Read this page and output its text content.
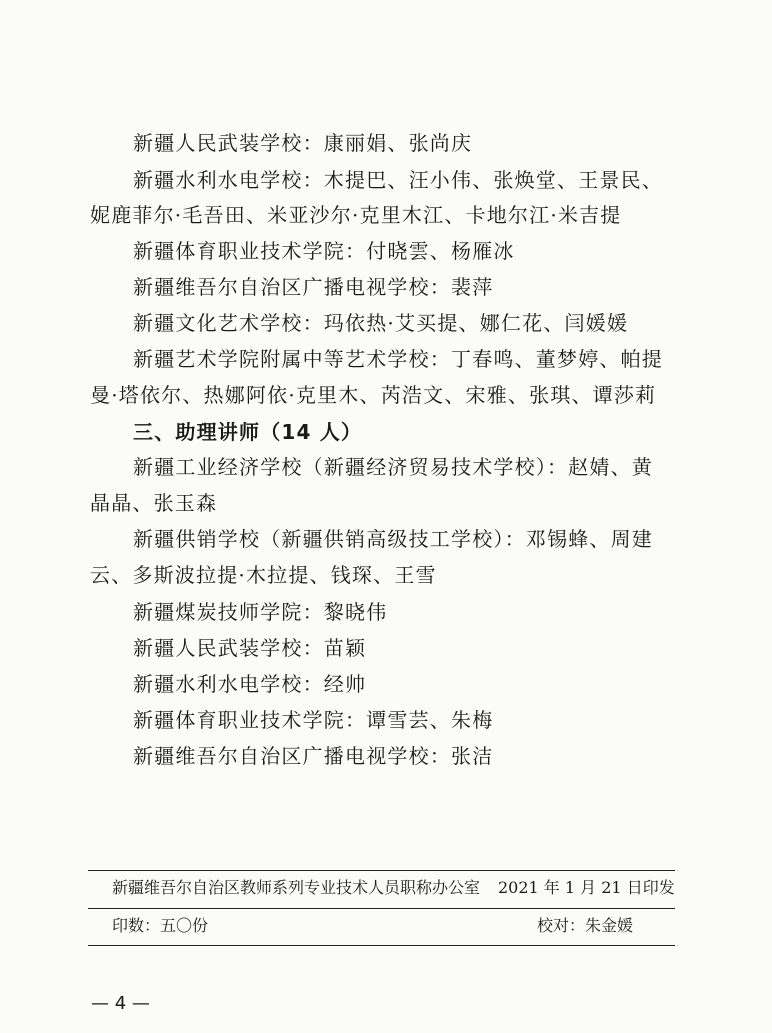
新疆人民武装学校：康丽娟、张尚庆
新疆水利水电学校：木提巴、汪小伟、张焕堂、王景民、
妮鹿菲尔·毛吾田、米亚沙尔·克里木江、卡地尔江·米吉提
新疆体育职业技术学院：付晓雲、杨雁冰
新疆维吾尔自治区广播电视学校：裴萍
新疆文化艺术学校：玛依热·艾买提、娜仁花、闫媛媛
新疆艺术学院附属中等艺术学校：丁春鸣、董梦婷、帕提
曼·塔依尔、热娜阿依·克里木、芮浩文、宋雅、张琪、谭莎莉
三、助理讲师（14 人）
新疆工业经济学校（新疆经济贸易技术学校）：赵婧、黄
晶晶、张玉森
新疆供销学校（新疆供销高级技工学校）：邓锡蜂、周建
云、多斯波拉提·木拉提、钱琛、王雪
新疆煤炭技师学院：黎晓伟
新疆人民武装学校：苗颖
新疆水利水电学校：经帅
新疆体育职业技术学院：谭雪芸、朱梅
新疆维吾尔自治区广播电视学校：张洁
新疆维吾尔自治区教师系列专业技术人员职称办公室 2021 年 1 月 21 日印发
印数：五〇份	校对：朱金媛
— 4 —
